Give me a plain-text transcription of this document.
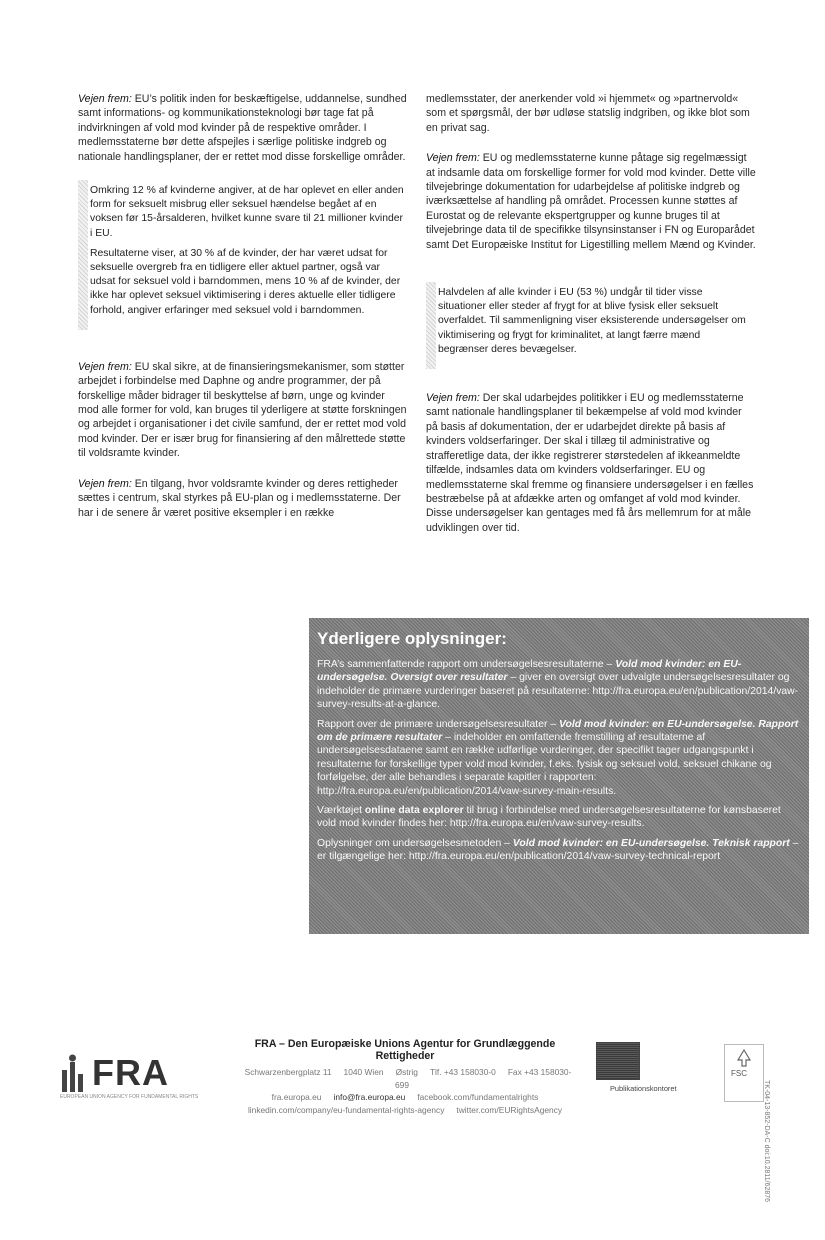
Vejen frem: EU’s politik inden for beskæftigelse, uddannelse, sundhed samt informations- og kommunikationsteknologi bør tage fat på indvirkningen af vold mod kvinder på de respektive områder. I medlemsstaterne bør dette afspejles i særlige politiske indgreb og nationale handlingsplaner, der er rettet mod disse forskellige områder.

Omkring 12 % af kvinderne angiver, at de har oplevet en eller anden form for seksuelt misbrug eller seksuel hændelse begået af en voksen før 15-årsalderen, hvilket kunne svare til 21 millioner kvinder i EU.

Resultaterne viser, at 30 % af de kvinder, der har været udsat for seksuelle overgreb fra en tidligere eller aktuel partner, også var udsat for seksuel vold i barndommen, mens 10 % af de kvinder, der ikke har oplevet seksuel viktimisering i deres aktuelle eller tidligere forhold, angiver erfaringer med seksuel vold i barndommen.

Vejen frem: EU skal sikre, at de finansieringsmekanismer, som støtter arbejdet i forbindelse med Daphne og andre programmer, der på forskellige måder bidrager til beskyttelse af børn, unge og kvinder mod alle former for vold, kan bruges til yderligere at støtte forskningen og arbejdet i organisationer i det civile samfund, der er rettet mod vold mod kvinder. Der er især brug for finansiering af den målrettede støtte til voldsramte kvinder.

Vejen frem: En tilgang, hvor voldsramte kvinder og deres rettigheder sættes i centrum, skal styrkes på EU-plan og i medlemsstaterne. Der har i de senere år været positive eksempler i en række

medlemsstater, der anerkender vold »i hjemmet« og »partnervold« som et spørgsmål, der bør udløse statslig indgriben, og ikke blot som en privat sag.

Vejen frem: EU og medlemsstaterne kunne påtage sig regelmæssigt at indsamle data om forskellige former for vold mod kvinder. Dette ville tilvejebringe dokumentation for udarbejdelse af politiske indgreb og iværksættelse af handling på området. Processen kunne støttes af Eurostat og de relevante ekspertgrupper og kunne bruges til at tilvejebringe data til de specifikke tilsynsinstanser i FN og Europarådet samt Det Europæiske Institut for Ligestilling mellem Mænd og Kvinder.

Halvdelen af alle kvinder i EU (53 %) undgår til tider visse situationer eller steder af frygt for at blive fysisk eller seksuelt overfaldet. Til sammenligning viser eksisterende undersøgelser om viktimisering og frygt for kriminalitet, at langt færre mænd begrænser deres bevægelser.

Vejen frem: Der skal udarbejdes politikker i EU og medlemsstaterne samt nationale handlingsplaner til bekæmpelse af vold mod kvinder på basis af dokumentation, der er udarbejdet direkte på basis af kvinders voldserfaringer. Der skal i tillæg til administrative og strafferetlige data, der ikke registrerer størstedelen af ikkeanmeldte tilfælde, indsamles data om kvinders voldserfaringer. EU og medlemsstaterne skal fremme og finansiere undersøgelser i en fælles bestræbelse på at afdække arten og omfanget af vold mod kvinder. Disse undersøgelser kan gentages med få års mellemrum for at måle udviklingen over tid.

Yderligere oplysninger:

FRA’s sammenfattende rapport om undersøgelsesresultaterne – Vold mod kvinder: en EU-undersøgelse. Oversigt over resultater – giver en oversigt over udvalgte undersøgelsesresultater og indeholder de primære vurderinger baseret på resultaterne: http://fra.europa.eu/en/publication/2014/vaw-survey-results-at-a-glance.

Rapport over de primære undersøgelsesresultater – Vold mod kvinder: en EU-undersøgelse. Rapport om de primære resultater – indeholder en omfattende fremstilling af resultaterne af undersøgelsesdataene samt en række udførlige vurderinger, der specifikt tager udgangspunkt i resultaterne for forskellige typer vold mod kvinder, f.eks. fysisk og seksuel vold, seksuel chikane og forfølgelse, der alle behandles i separate kapitler i rapporten: http://fra.europa.eu/en/publication/2014/vaw-survey-main-results.

Værktøjet online data explorer til brug i forbindelse med undersøgelsesresultaterne for kønsbaseret vold mod kvinder findes her: http://fra.europa.eu/en/vaw-survey-results.

Oplysninger om undersøgelsesmetoden – Vold mod kvinder: en EU-undersøgelse. Teknisk rapport – er tilgængelige her: http://fra.europa.eu/en/publication/2014/vaw-survey-technical-report

TK-04-13-852-DA-C doi:10.2811/62876
FRA
EUROPEAN UNION AGENCY FOR FUNDAMENTAL RIGHTS
FRA – Den Europæiske Unions Agentur for Grundlæggende Rettigheder
Schwarzenbergplatz 11 1040 Wien Østrig Tlf. +43 158030-0 Fax +43 158030-699
fra.europa.eu info@fra.europa.eu facebook.com/fundamentalrights
linkedin.com/company/eu-fundamental-rights-agency twitter.com/EURightsAgency
Publikationskontoret
FSC
